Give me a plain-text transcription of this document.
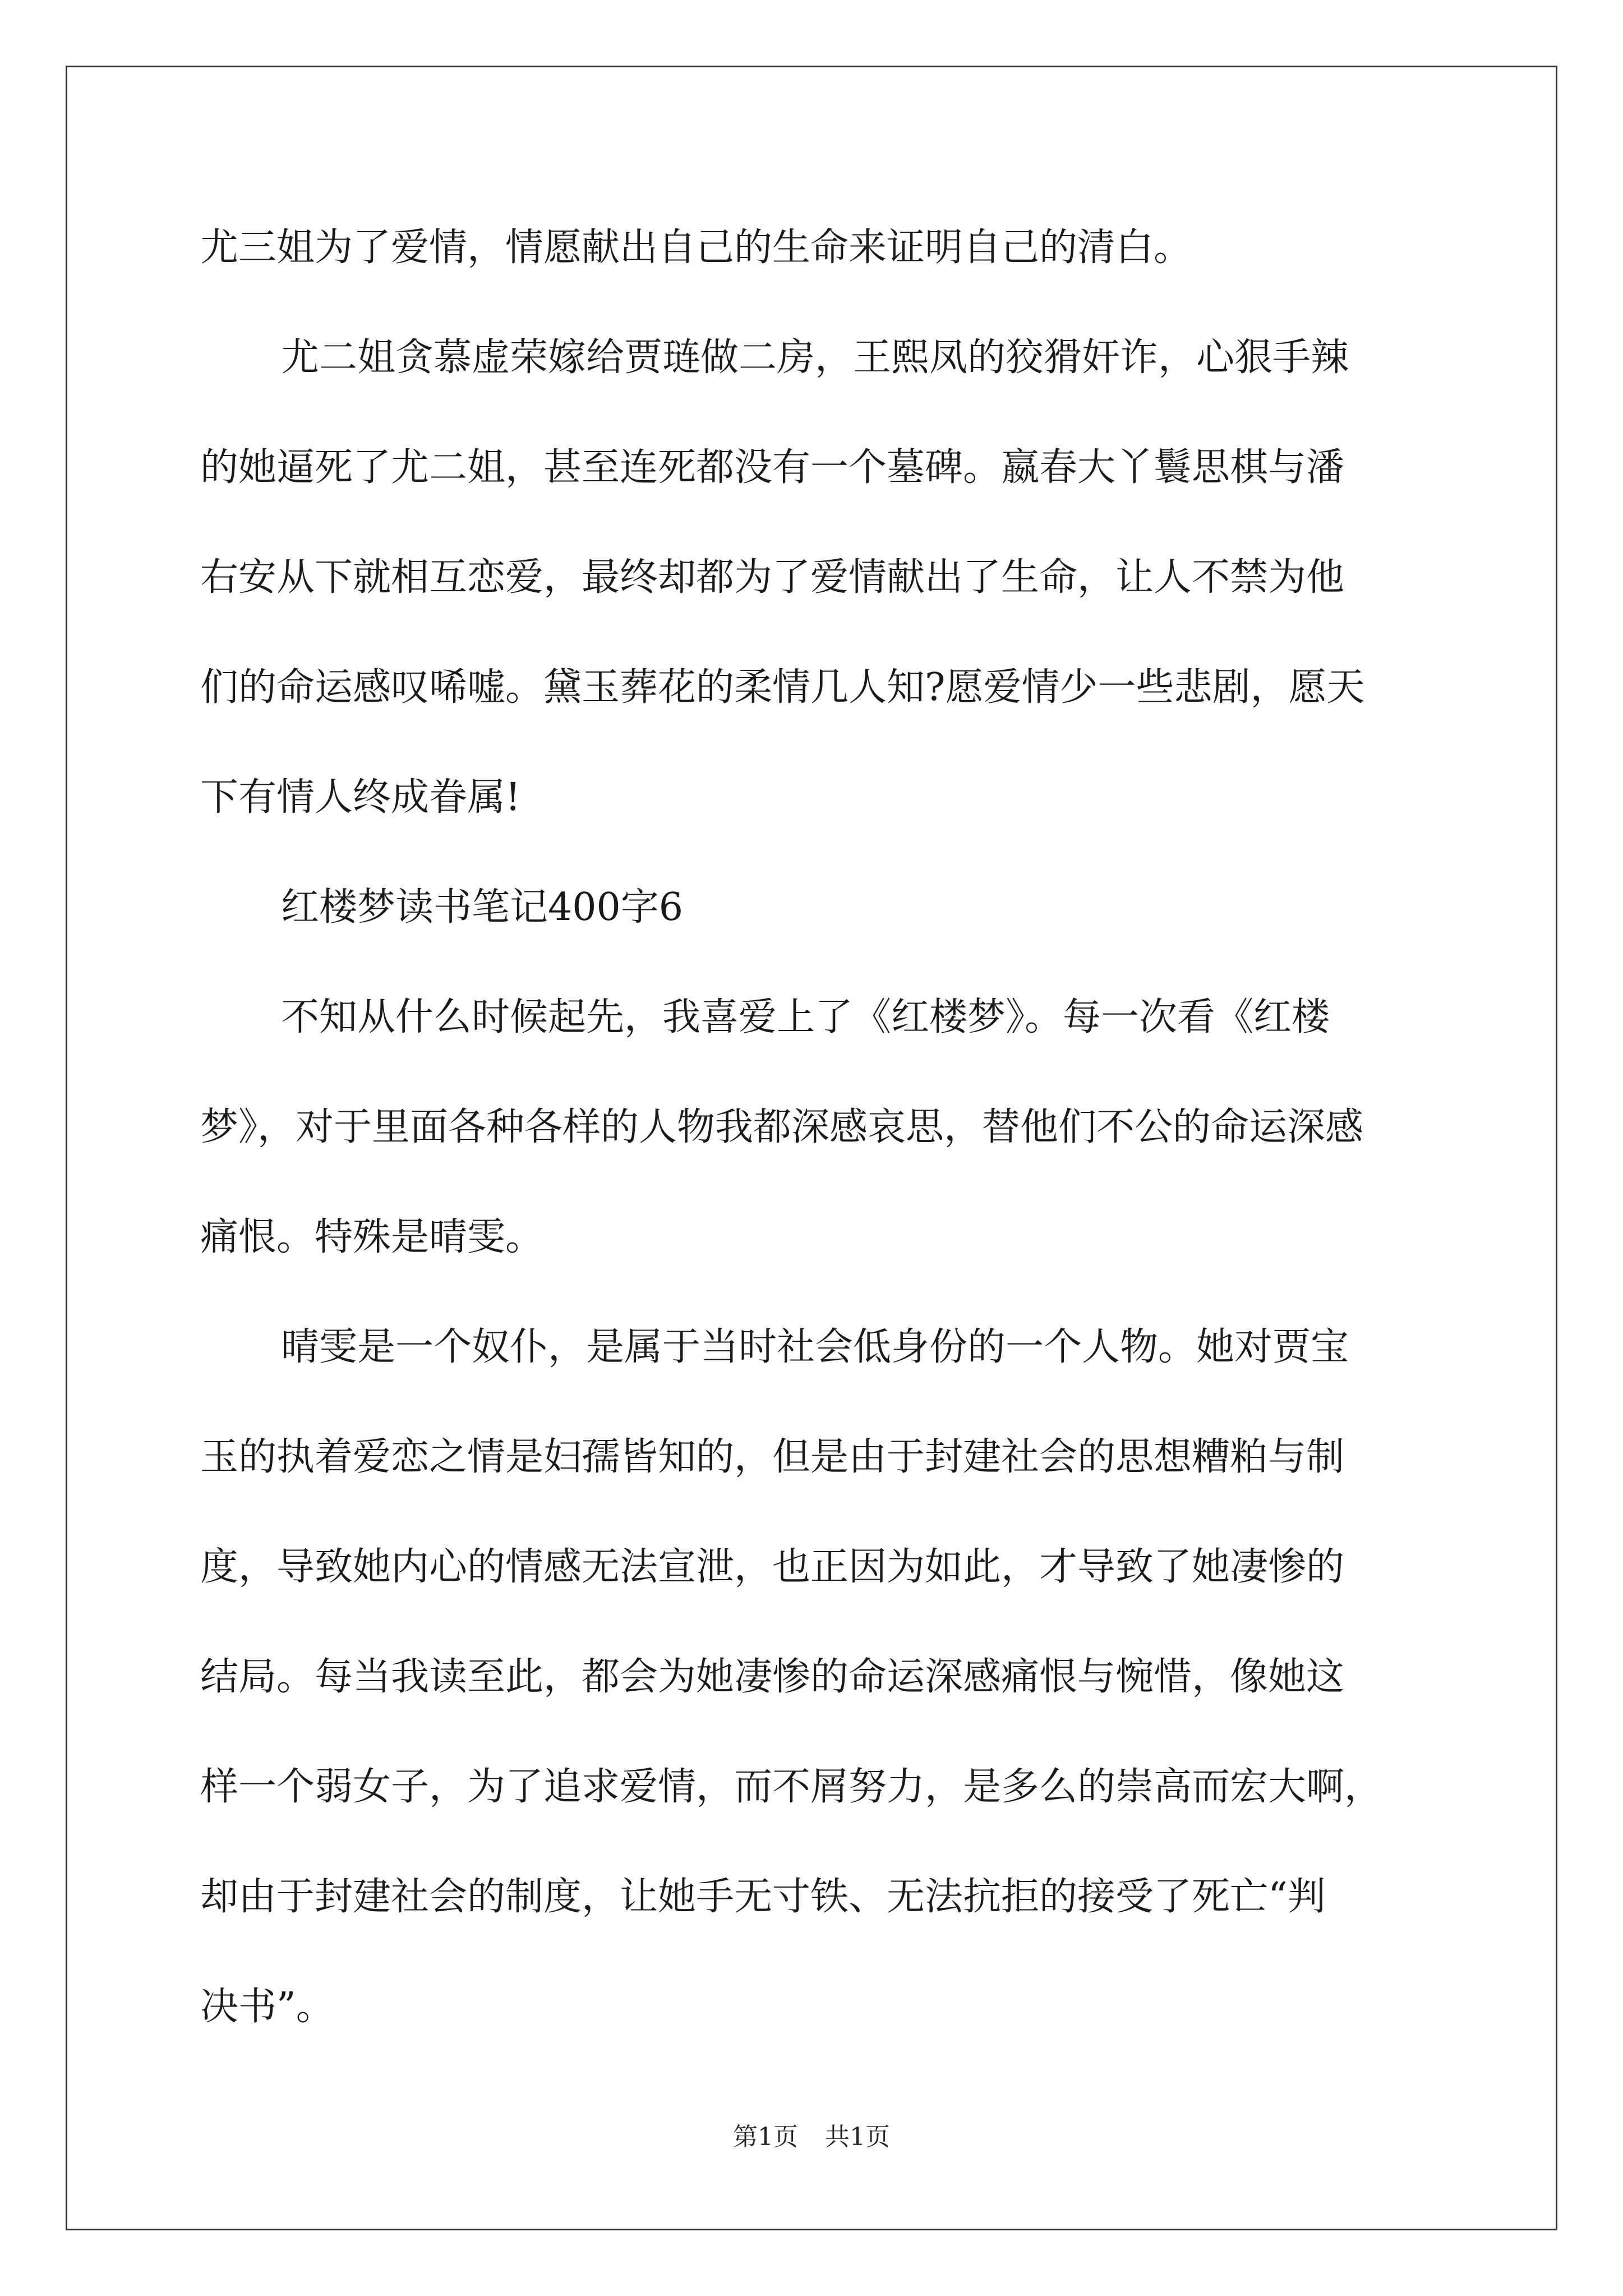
尤三姐为了爱情，情愿献出自己的生命来证明自己的清白。
尤二姐贪慕虚荣嫁给贾琏做二房，王熙凤的狡猾奸诈，心狠手辣
的她逼死了尤二姐，甚至连死都没有一个墓碑。嬴春大丫鬟思棋与潘
右安从下就相互恋爱，最终却都为了爱情献出了生命，让人不禁为他
们的命运感叹唏嘘。黛玉葬花的柔情几人知?愿爱情少一些悲剧，愿天
下有情人终成眷属!
红楼梦读书笔记400字6
不知从什么时候起先，我喜爱上了《红楼梦》。每一次看《红楼
梦》，对于里面各种各样的人物我都深感哀思，替他们不公的命运深感
痛恨。特殊是晴雯。
晴雯是一个奴仆，是属于当时社会低身份的一个人物。她对贾宝
玉的执着爱恋之情是妇孺皆知的，但是由于封建社会的思想糟粕与制
度，导致她内心的情感无法宣泄，也正因为如此，才导致了她凄惨的
结局。每当我读至此，都会为她凄惨的命运深感痛恨与惋惜，像她这
样一个弱女子，为了追求爱情，而不屑努力，是多么的崇高而宏大啊，
却由于封建社会的制度，让她手无寸铁、无法抗拒的接受了死亡“判
决书”。
第1页 共1页
